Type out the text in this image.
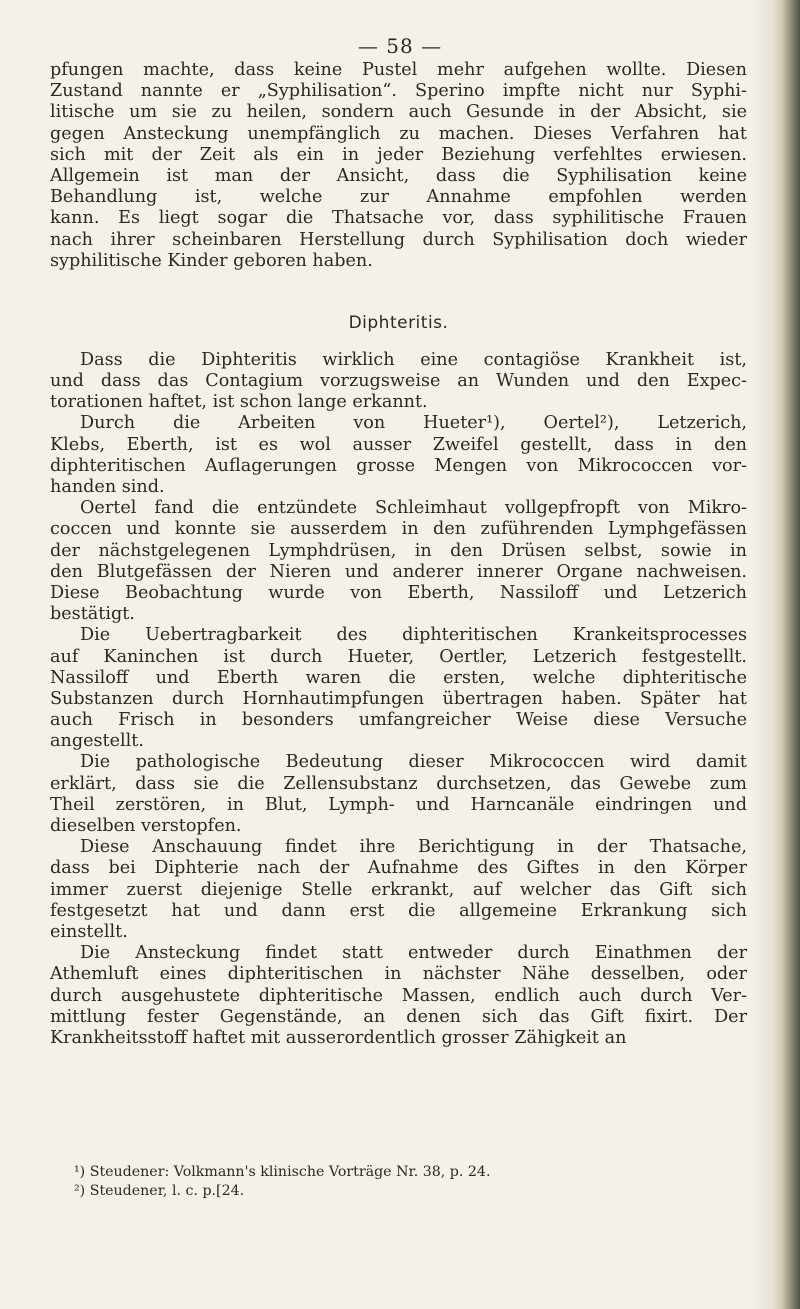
— 58 —
pfungen machte, dass keine Pustel mehr aufgehen wollte. Diesen
Zustand nannte er „Syphilisation“. Sperino impfte nicht nur Syphi-
litische um sie zu heilen, sondern auch Gesunde in der Absicht, sie
gegen Ansteckung unempfänglich zu machen. Dieses Verfahren hat
sich mit der Zeit als ein in jeder Beziehung verfehltes erwiesen.
Allgemein ist man der Ansicht, dass die Syphilisation keine
Behandlung ist, welche zur Annahme empfohlen werden
kann. Es liegt sogar die Thatsache vor, dass syphilitische Frauen
nach ihrer scheinbaren Herstellung durch Syphilisation doch wieder
syphilitische Kinder geboren haben.
Diphteritis.
Dass die Diphteritis wirklich eine contagiöse Krankheit ist,
und dass das Contagium vorzugsweise an Wunden und den Expec-
torationen haftet, ist schon lange erkannt.
Durch die Arbeiten von Hueter¹), Oertel²), Letzerich,
Klebs, Eberth, ist es wol ausser Zweifel gestellt, dass in den
diphteritischen Auflagerungen grosse Mengen von Mikrococcen vor-
handen sind.
Oertel fand die entzündete Schleimhaut vollgepfropft von Mikro-
coccen und konnte sie ausserdem in den zuführenden Lymphgefässen
der nächstgelegenen Lymphdrüsen, in den Drüsen selbst, sowie in
den Blutgefässen der Nieren und anderer innerer Organe nachweisen.
Diese Beobachtung wurde von Eberth, Nassiloff und Letzerich
bestätigt.
Die Uebertragbarkeit des diphteritischen Krankeitsprocesses
auf Kaninchen ist durch Hueter, Oertler, Letzerich festgestellt.
Nassiloff und Eberth waren die ersten, welche diphteritische
Substanzen durch Hornhautimpfungen übertragen haben. Später hat
auch Frisch in besonders umfangreicher Weise diese Versuche
angestellt.
Die pathologische Bedeutung dieser Mikrococcen wird damit
erklärt, dass sie die Zellensubstanz durchsetzen, das Gewebe zum
Theil zerstören, in Blut, Lymph- und Harncanäle eindringen und
dieselben verstopfen.
Diese Anschauung findet ihre Berichtigung in der Thatsache,
dass bei Diphterie nach der Aufnahme des Giftes in den Körper
immer zuerst diejenige Stelle erkrankt, auf welcher das Gift sich
festgesetzt hat und dann erst die allgemeine Erkrankung sich
einstellt.
Die Ansteckung findet statt entweder durch Einathmen der
Athemluft eines diphteritischen in nächster Nähe desselben, oder
durch ausgehustete diphteritische Massen, endlich auch durch Ver-
mittlung fester Gegenstände, an denen sich das Gift fixirt. Der
Krankheitsstoff haftet mit ausserordentlich grosser Zähigkeit an
¹) Steudener: Volkmann's klinische Vorträge Nr. 38, p. 24.
²) Steudener, l. c. p.[24.
